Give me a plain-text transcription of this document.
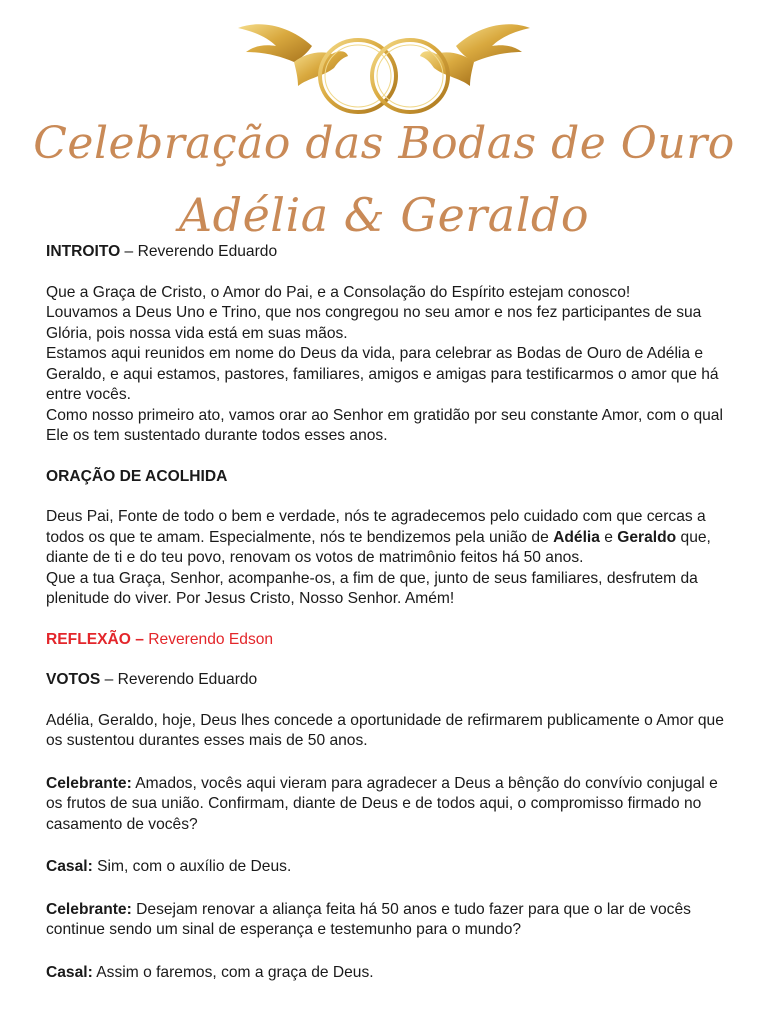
Celebração das Bodas de Ouro
Adélia & Geraldo

INTROITO – Reverendo Eduardo

Que a Graça de Cristo, o Amor do Pai, e a Consolação do Espírito estejam conosco!

Louvamos a Deus Uno e Trino, que nos congregou no seu amor e nos fez participantes de sua Glória, pois nossa vida está em suas mãos.

Estamos aqui reunidos em nome do Deus da vida, para celebrar as Bodas de Ouro de Adélia e Geraldo, e aqui estamos, pastores, familiares, amigos e amigas para testificarmos o amor que há entre vocês.

Como nosso primeiro ato, vamos orar ao Senhor em gratidão por seu constante Amor, com o qual Ele os tem sustentado durante todos esses anos.

ORAÇÃO DE ACOLHIDA

Deus Pai, Fonte de todo o bem e verdade, nós te agradecemos pelo cuidado com que cercas a todos os que te amam. Especialmente, nós te bendizemos pela união de Adélia e Geraldo que, diante de ti e do teu povo, renovam os votos de matrimônio feitos há 50 anos.

Que a tua Graça, Senhor, acompanhe-os, a fim de que, junto de seus familiares, desfrutem da plenitude do viver. Por Jesus Cristo, Nosso Senhor. Amém!

REFLEXÃO – Reverendo Edson

VOTOS – Reverendo Eduardo

Adélia, Geraldo, hoje, Deus lhes concede a oportunidade de refirmarem publicamente o Amor que os sustentou durantes esses mais de 50 anos.

Celebrante: Amados, vocês aqui vieram para agradecer a Deus a bênção do convívio conjugal e os frutos de sua união. Confirmam, diante de Deus e de todos aqui, o compromisso firmado no casamento de vocês?

Casal: Sim, com o auxílio de Deus.

Celebrante: Desejam renovar a aliança feita há 50 anos e tudo fazer para que o lar de vocês continue sendo um sinal de esperança e testemunho para o mundo?

Casal: Assim o faremos, com a graça de Deus.
